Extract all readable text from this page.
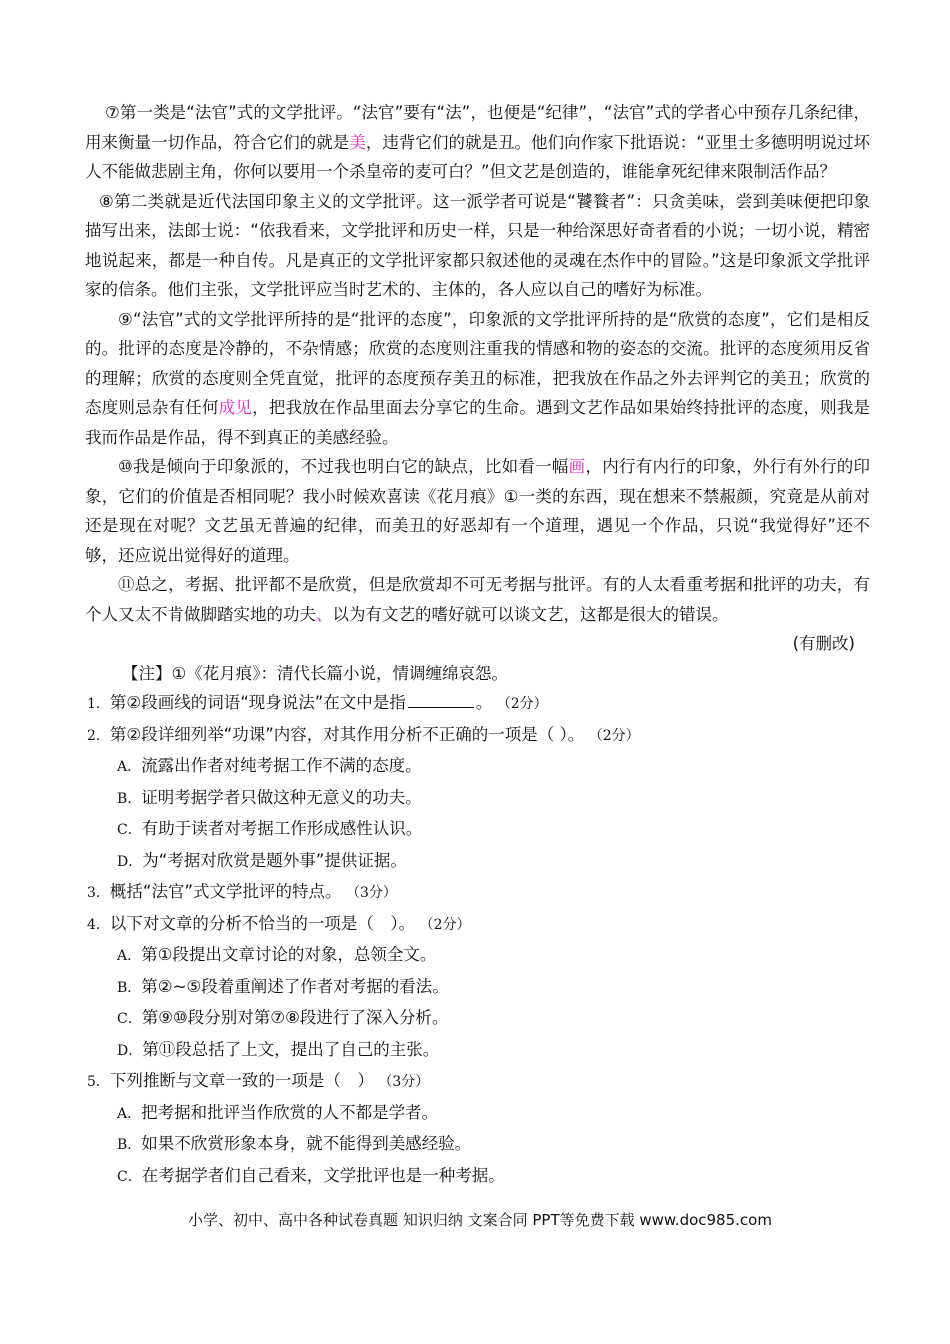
⑦第一类是“法官”式的文学批评。“法官”要有“法”，也便是“纪律”，“法官”式的学者心中预存几条纪律，用来衡量一切作品，符合它们的就是美，违背它们的就是丑。他们向作家下批语说：“亚里士多德明明说过坏人不能做悲剧主角，你何以要用一个杀皇帝的麦可白？”但文艺是创造的，谁能拿死纪律来限制活作品？

⑧第二类就是近代法国印象主义的文学批评。这一派学者可说是“饕餮者”：只贪美味，尝到美味便把印象描写出来，法郎士说：“依我看来，文学批评和历史一样，只是一种给深思好奇者看的小说；一切小说，精密地说起来，都是一种自传。凡是真正的文学批评家都只叙述他的灵魂在杰作中的冒险。”这是印象派文学批评家的信条。他们主张，文学批评应当时艺术的、主体的，各人应以自己的嗜好为标准。

⑨“法官”式的文学批评所持的是“批评的态度”，印象派的文学批评所持的是“欣赏的态度”，它们是相反的。批评的态度是冷静的，不杂情感；欣赏的态度则注重我的情感和物的姿态的交流。批评的态度须用反省的理解；欣赏的态度则全凭直觉，批评的态度预存美丑的标准，把我放在作品之外去评判它的美丑；欣赏的态度则忌杂有任何成见，把我放在作品里面去分享它的生命。遇到文艺作品如果始终持批评的态度，则我是我而作品是作品，得不到真正的美感经验。

⑩我是倾向于印象派的，不过我也明白它的缺点，比如看一幅画，内行有内行的印象，外行有外行的印象，它们的价值是否相同呢？我小时候欢喜读《花月痕》①一类的东西，现在想来不禁赧颜，究竟是从前对还是现在对呢？文艺虽无普遍的纪律，而美丑的好恶却有一个道理，遇见一个作品，只说“我觉得好”还不够，还应说出觉得好的道理。

⑪总之，考据、批评都不是欣赏，但是欣赏却不可无考据与批评。有的人太看重考据和批评的功夫，有个人又太不肯做脚踏实地的功夫、以为有文艺的嗜好就可以谈文艺，这都是很大的错误。

(有删改)

【注】①《花月痕》：清代长篇小说，情调缠绵哀怨。

1．第②段画线的词语“现身说法”在文中是指	。 （2分）

2．第②段详细列举“功课”内容，对其作用分析不正确的一项是（ ）。 （2分）

A．流露出作者对纯考据工作不满的态度。

B．证明考据学者只做这种无意义的功夫。

C．有助于读者对考据工作形成感性认识。

D．为“考据对欣赏是题外事”提供证据。

3．概括“法官”式文学批评的特点。 （3分）

4．以下对文章的分析不恰当的一项是（　）。 （2分）

A．第①段提出文章讨论的对象，总领全文。

B．第②~⑤段着重阐述了作者对考据的看法。

C．第⑨⑩段分别对第⑦⑧段进行了深入分析。

D．第⑪段总括了上文，提出了自己的主张。

5．下列推断与文章一致的一项是（　） （3分）

A．把考据和批评当作欣赏的人不都是学者。

B．如果不欣赏形象本身，就不能得到美感经验。

C．在考据学者们自己看来，文学批评也是一种考据。

小学、初中、高中各种试卷真题 知识归纳 文案合同 PPT等免费下载 www.doc985.com
